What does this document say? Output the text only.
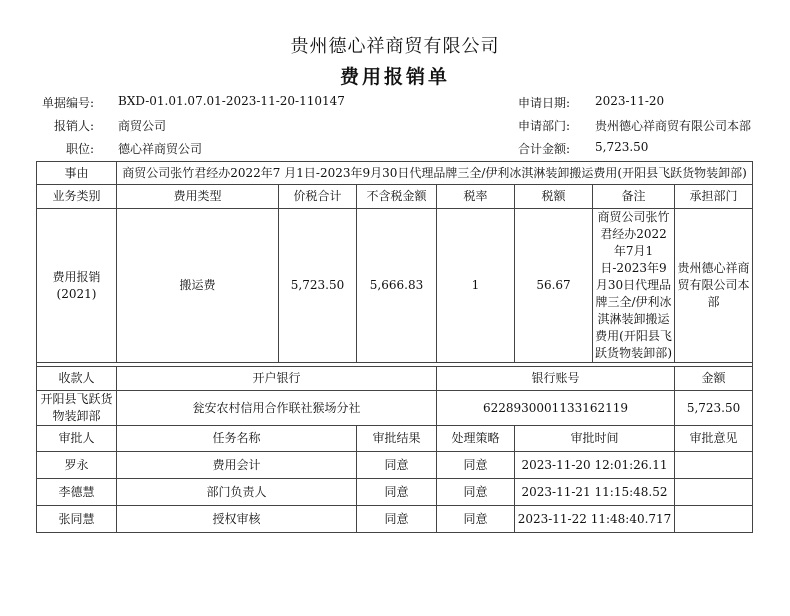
贵州德心祥商贸有限公司
费用报销单
单据编号: BXD-01.01.07.01-2023-11-20-110147	申请日期: 2023-11-20
报销人: 商贸公司	申请部门: 贵州德心祥商贸有限公司本部
职位: 德心祥商贸公司	合计金额: 5,723.50
事由	商贸公司张竹君经办2022年7 月1日-2023年9月30日代理品牌三全/伊利冰淇淋装卸搬运费用(开阳县飞跃货物装卸部)						
业务类别	费用类型	价税合计	不含税金额	税率	税额	备注	承担部门
费用报销(2021)	搬运费	5,723.50	5,666.83	1	56.67	商贸公司张竹君经办2022年7月1日-2023年9月30日代理品牌三全/伊利冰淇淋装卸搬运费用(开阳县飞跃货物装卸部)	贵州德心祥商贸有限公司本部

收款人	开户银行			银行账号			金额
开阳县飞跃货物装卸部	瓮安农村信用合作联社猴场分社			6228930001133162119			5,723.50
审批人	任务名称		审批结果	处理策略	审批时间		审批意见
罗永	费用会计		同意	同意	2023-11-20 12:01:26.11		
李德慧	部门负责人		同意	同意	2023-11-21 11:15:48.52		
张同慧	授权审核		同意	同意	2023-11-22 11:48:40.717		
